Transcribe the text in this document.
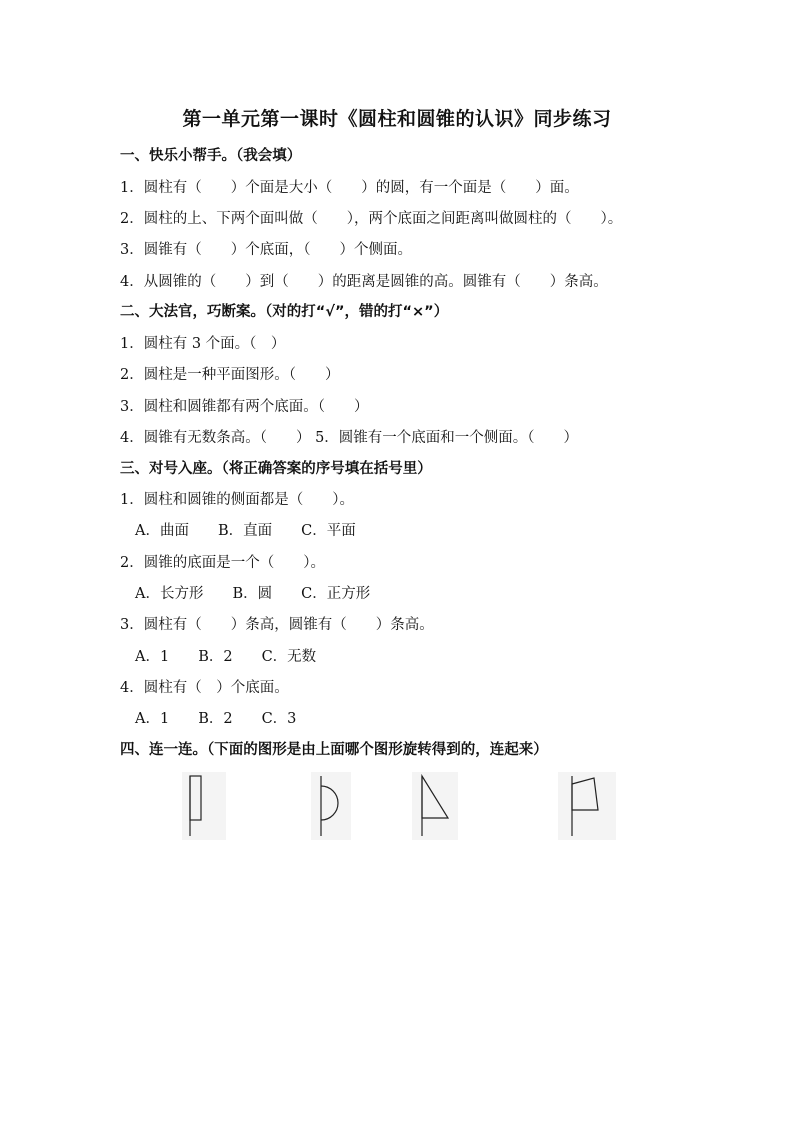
第一单元第一课时《圆柱和圆锥的认识》同步练习
一、快乐小帮手。（我会填）
1．圆柱有（　　）个面是大小（　　）的圆，有一个面是（　　）面。
2．圆柱的上、下两个面叫做（　　），两个底面之间距离叫做圆柱的（　　）。
3．圆锥有（　　）个底面，（　　）个侧面。
4．从圆锥的（　　）到（　　）的距离是圆锥的高。圆锥有（　　）条高。
二、大法官，巧断案。（对的打“√”，错的打“×”）
1．圆柱有 3 个面。（　）
2．圆柱是一种平面图形。（　　）
3．圆柱和圆锥都有两个底面。（　　）
4．圆锥有无数条高。（　　） 5．圆锥有一个底面和一个侧面。（　　）
三、对号入座。（将正确答案的序号填在括号里）
1．圆柱和圆锥的侧面都是（　　）。
A．曲面　　B．直面　　C．平面
2．圆锥的底面是一个（　　）。
A．长方形　　B．圆　　C．正方形
3．圆柱有（　　）条高，圆锥有（　　）条高。
A．1　　B．2　　C．无数
4．圆柱有（　）个底面。
A．1　　B．2　　C．3
四、连一连。（下面的图形是由上面哪个图形旋转得到的，连起来）
